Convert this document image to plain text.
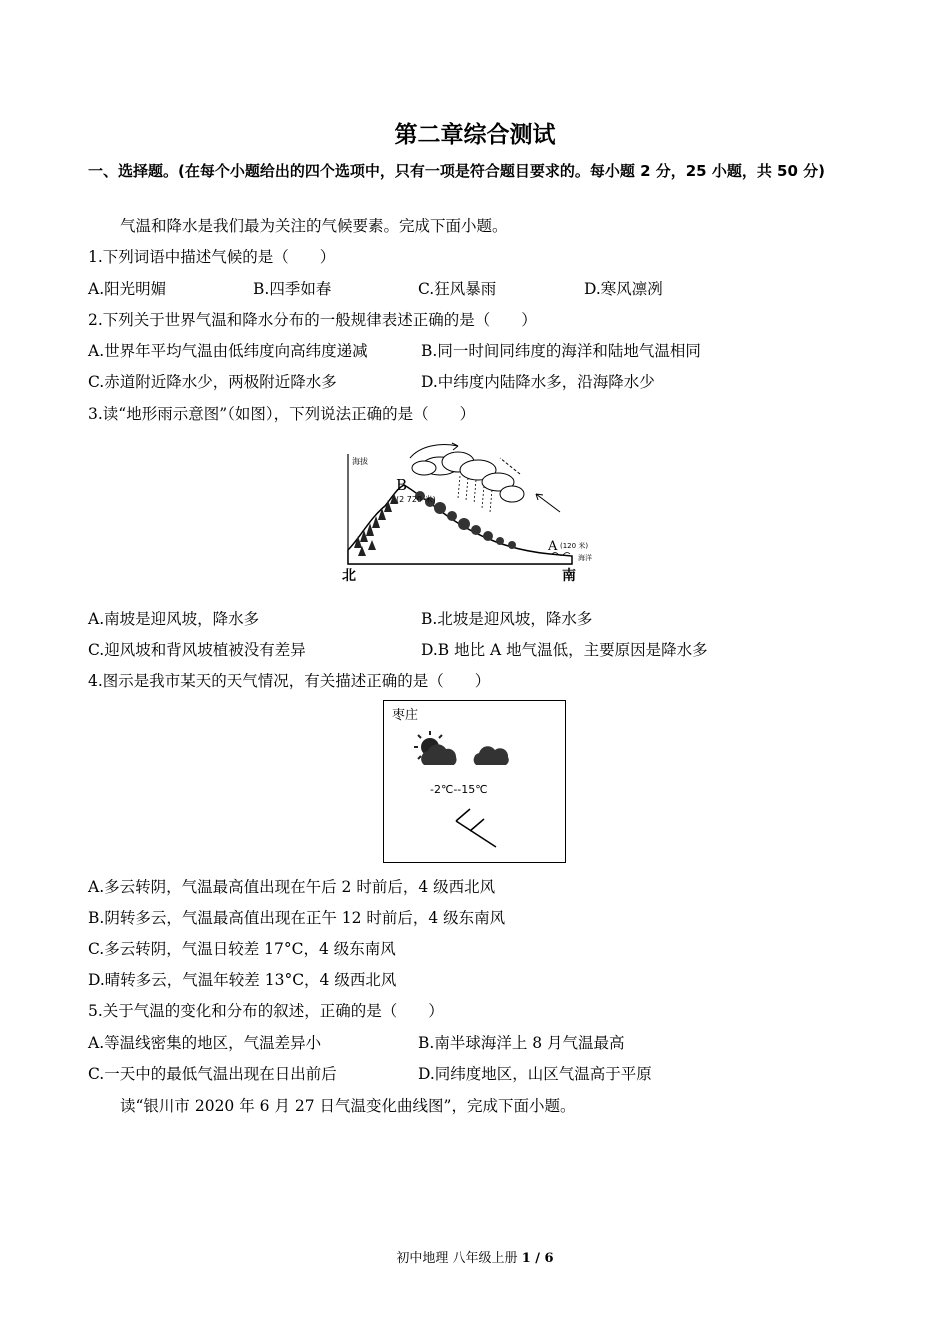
第二章综合测试
一、选择题。(在每个小题给出的四个选项中，只有一项是符合题目要求的。每小题 2 分，25 小题，共 50 分)
气温和降水是我们最为关注的气候要素。完成下面小题。
1.下列词语中描述气候的是（　　）
A.阳光明媚	B.四季如春	C.狂风暴雨	D.寒风凛冽
2.下列关于世界气温和降水分布的一般规律表述正确的是（　　）
A.世界年平均气温由低纬度向高纬度递减	B.同一时间同纬度的海洋和陆地气温相同
C.赤道附近降水少，两极附近降水多	D.中纬度内陆降水多，沿海降水少
3.读“地形雨示意图”（如图），下列说法正确的是（　　）
海拔
B
(2 720 米)
A (120 米)
海洋
北	南
A.南坡是迎风坡，降水多	B.北坡是迎风坡，降水多
C.迎风坡和背风坡植被没有差异	D.B 地比 A 地气温低，主要原因是降水多
4.图示是我市某天的天气情况，有关描述正确的是（　　）
枣庄
-2℃--15℃
A.多云转阴，气温最高值出现在午后 2 时前后，4 级西北风
B.阴转多云，气温最高值出现在正午 12 时前后，4 级东南风
C.多云转阴，气温日较差 17°C，4 级东南风
D.晴转多云，气温年较差 13°C，4 级西北风
5.关于气温的变化和分布的叙述，正确的是（　　）
A.等温线密集的地区，气温差异小	B.南半球海洋上 8 月气温最高
C.一天中的最低气温出现在日出前后	D.同纬度地区，山区气温高于平原
读“银川市 2020 年 6 月 27 日气温变化曲线图”，完成下面小题。
初中地理 八年级上册 1 / 6
